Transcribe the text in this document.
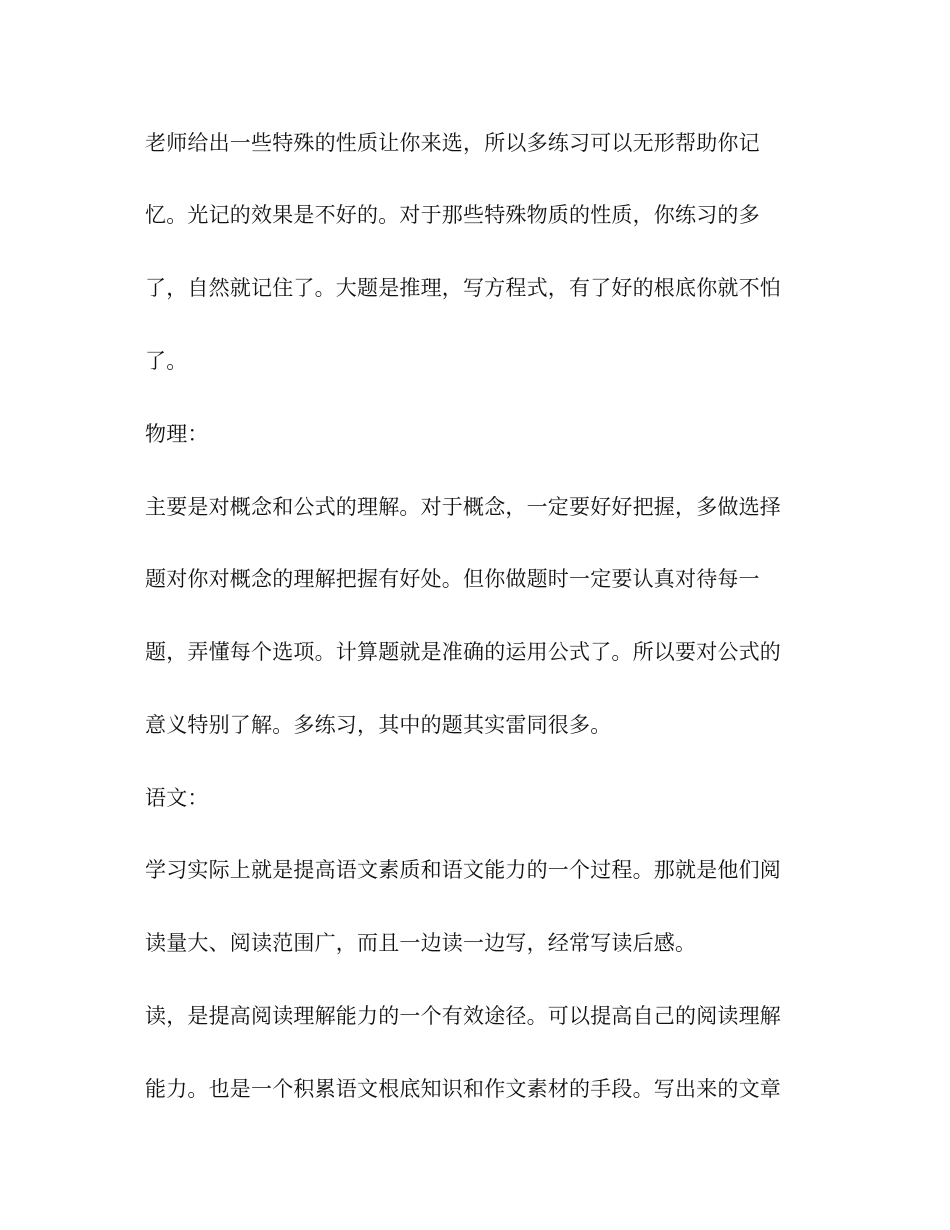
老师给出一些特殊的性质让你来选，所以多练习可以无形帮助你记

忆。光记的效果是不好的。对于那些特殊物质的性质，你练习的多

了，自然就记住了。大题是推理，写方程式，有了好的根底你就不怕

了。

物理：

主要是对概念和公式的理解。对于概念，一定要好好把握，多做选择

题对你对概念的理解把握有好处。但你做题时一定要认真对待每一

题，弄懂每个选项。计算题就是准确的运用公式了。所以要对公式的

意义特别了解。多练习，其中的题其实雷同很多。

语文：

学习实际上就是提高语文素质和语文能力的一个过程。那就是他们阅

读量大、阅读范围广，而且一边读一边写，经常写读后感。

读，是提高阅读理解能力的一个有效途径。可以提高自己的阅读理解

能力。也是一个积累语文根底知识和作文素材的手段。写出来的文章
